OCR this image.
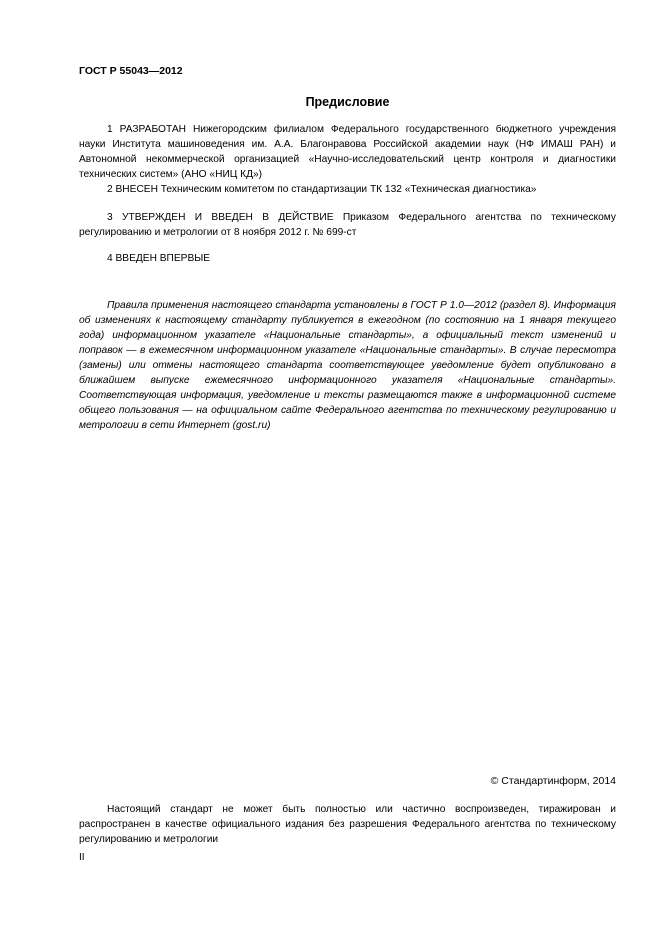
ГОСТ Р 55043—2012
Предисловие

1 РАЗРАБОТАН Нижегородским филиалом Федерального государственного бюджетного учреждения науки Института машиноведения им. А.А. Благонравова Российской академии наук (НФ ИМАШ РАН) и Автономной некоммерческой организацией «Научно-исследовательский центр контроля и диагностики технических систем» (АНО «НИЦ КД»)

2 ВНЕСЕН Техническим комитетом по стандартизации ТК 132 «Техническая диагностика»

3 УТВЕРЖДЕН И ВВЕДЕН В ДЕЙСТВИЕ Приказом Федерального агентства по техническому регулированию и метрологии от 8 ноября 2012 г. № 699-ст

4 ВВЕДЕН ВПЕРВЫЕ

Правила применения настоящего стандарта установлены в ГОСТ Р 1.0—2012 (раздел 8). Информация об изменениях к настоящему стандарту публикуется в ежегодном (по состоянию на 1 января текущего года) информационном указателе «Национальные стандарты», а официальный текст изменений и поправок — в ежемесячном информационном указателе «Национальные стандарты». В случае пересмотра (замены) или отмены настоящего стандарта соответствующее уведомление будет опубликовано в ближайшем выпуске ежемесячного информационного указателя «Национальные стандарты». Соответствующая информация, уведомление и тексты размещаются также в информационной системе общего пользования — на официальном сайте Федерального агентства по техническому регулированию и метрологии в сети Интернет (gost.ru)

© Стандартинформ, 2014

Настоящий стандарт не может быть полностью или частично воспроизведен, тиражирован и распространен в качестве официального издания без разрешения Федерального агентства по техническому регулированию и метрологии

II
